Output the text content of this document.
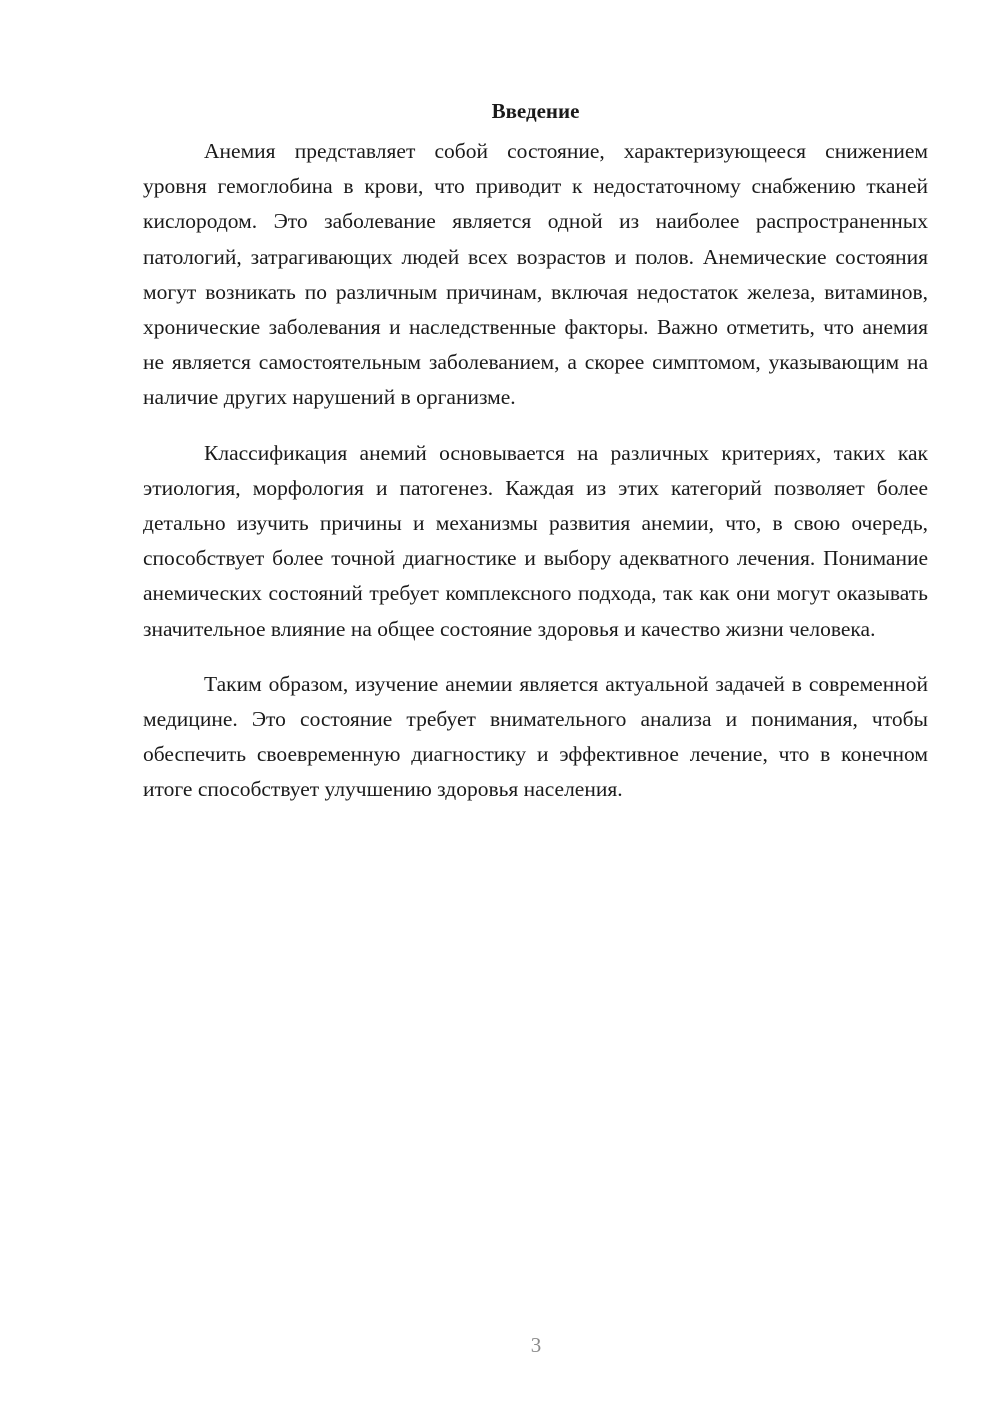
Введение

Анемия представляет собой состояние, характеризующееся снижением уровня гемоглобина в крови, что приводит к недостаточному снабжению тканей кислородом. Это заболевание является одной из наиболее распространенных патологий, затрагивающих людей всех возрастов и полов. Анемические состояния могут возникать по различным причинам, включая недостаток железа, витаминов, хронические заболевания и наследственные факторы. Важно отметить, что анемия не является самостоятельным заболеванием, а скорее симптомом, указывающим на наличие других нарушений в организме.

Классификация анемий основывается на различных критериях, таких как этиология, морфология и патогенез. Каждая из этих категорий позволяет более детально изучить причины и механизмы развития анемии, что, в свою очередь, способствует более точной диагностике и выбору адекватного лечения. Понимание анемических состояний требует комплексного подхода, так как они могут оказывать значительное влияние на общее состояние здоровья и качество жизни человека.

Таким образом, изучение анемии является актуальной задачей в современной медицине. Это состояние требует внимательного анализа и понимания, чтобы обеспечить своевременную диагностику и эффективное лечение, что в конечном итоге способствует улучшению здоровья населения.

3
